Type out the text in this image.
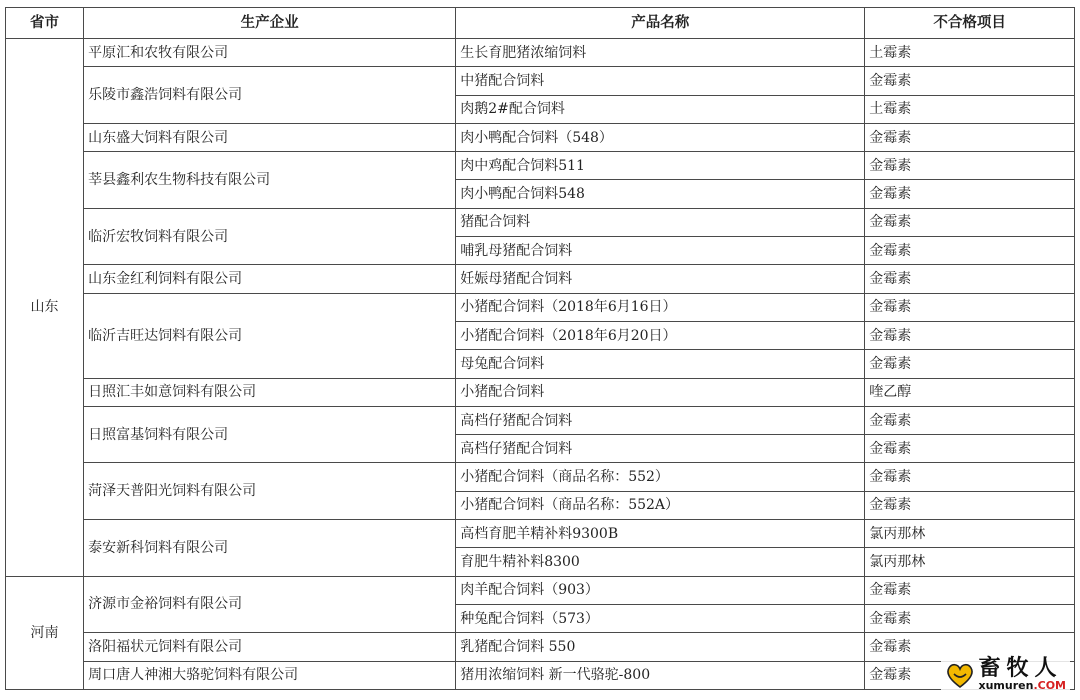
省市	生产企业	产品名称	不合格项目
山东	平原汇和农牧有限公司	生长育肥猪浓缩饲料	土霉素
	乐陵市鑫浩饲料有限公司	中猪配合饲料	金霉素
		肉鹅2#配合饲料	土霉素
	山东盛大饲料有限公司	肉小鸭配合饲料（548）	金霉素
	莘县鑫利农生物科技有限公司	肉中鸡配合饲料511	金霉素
		肉小鸭配合饲料548	金霉素
	临沂宏牧饲料有限公司	猪配合饲料	金霉素
		哺乳母猪配合饲料	金霉素
	山东金红利饲料有限公司	妊娠母猪配合饲料	金霉素
	临沂吉旺达饲料有限公司	小猪配合饲料（2018年6月16日）	金霉素
		小猪配合饲料（2018年6月20日）	金霉素
		母兔配合饲料	金霉素
	日照汇丰如意饲料有限公司	小猪配合饲料	喹乙醇
	日照富基饲料有限公司	高档仔猪配合饲料	金霉素
		高档仔猪配合饲料	金霉素
	菏泽天普阳光饲料有限公司	小猪配合饲料（商品名称：552）	金霉素
		小猪配合饲料（商品名称：552A）	金霉素
	泰安新科饲料有限公司	高档育肥羊精补料9300B	氯丙那林
		育肥牛精补料8300	氯丙那林
河南	济源市金裕饲料有限公司	肉羊配合饲料（903）	金霉素
		种兔配合饲料（573）	金霉素
	洛阳福状元饲料有限公司	乳猪配合饲料 550	金霉素
	周口唐人神湘大骆驼饲料有限公司	猪用浓缩饲料 新一代骆驼-800	金霉素	畜牧人
xumuren.COM
